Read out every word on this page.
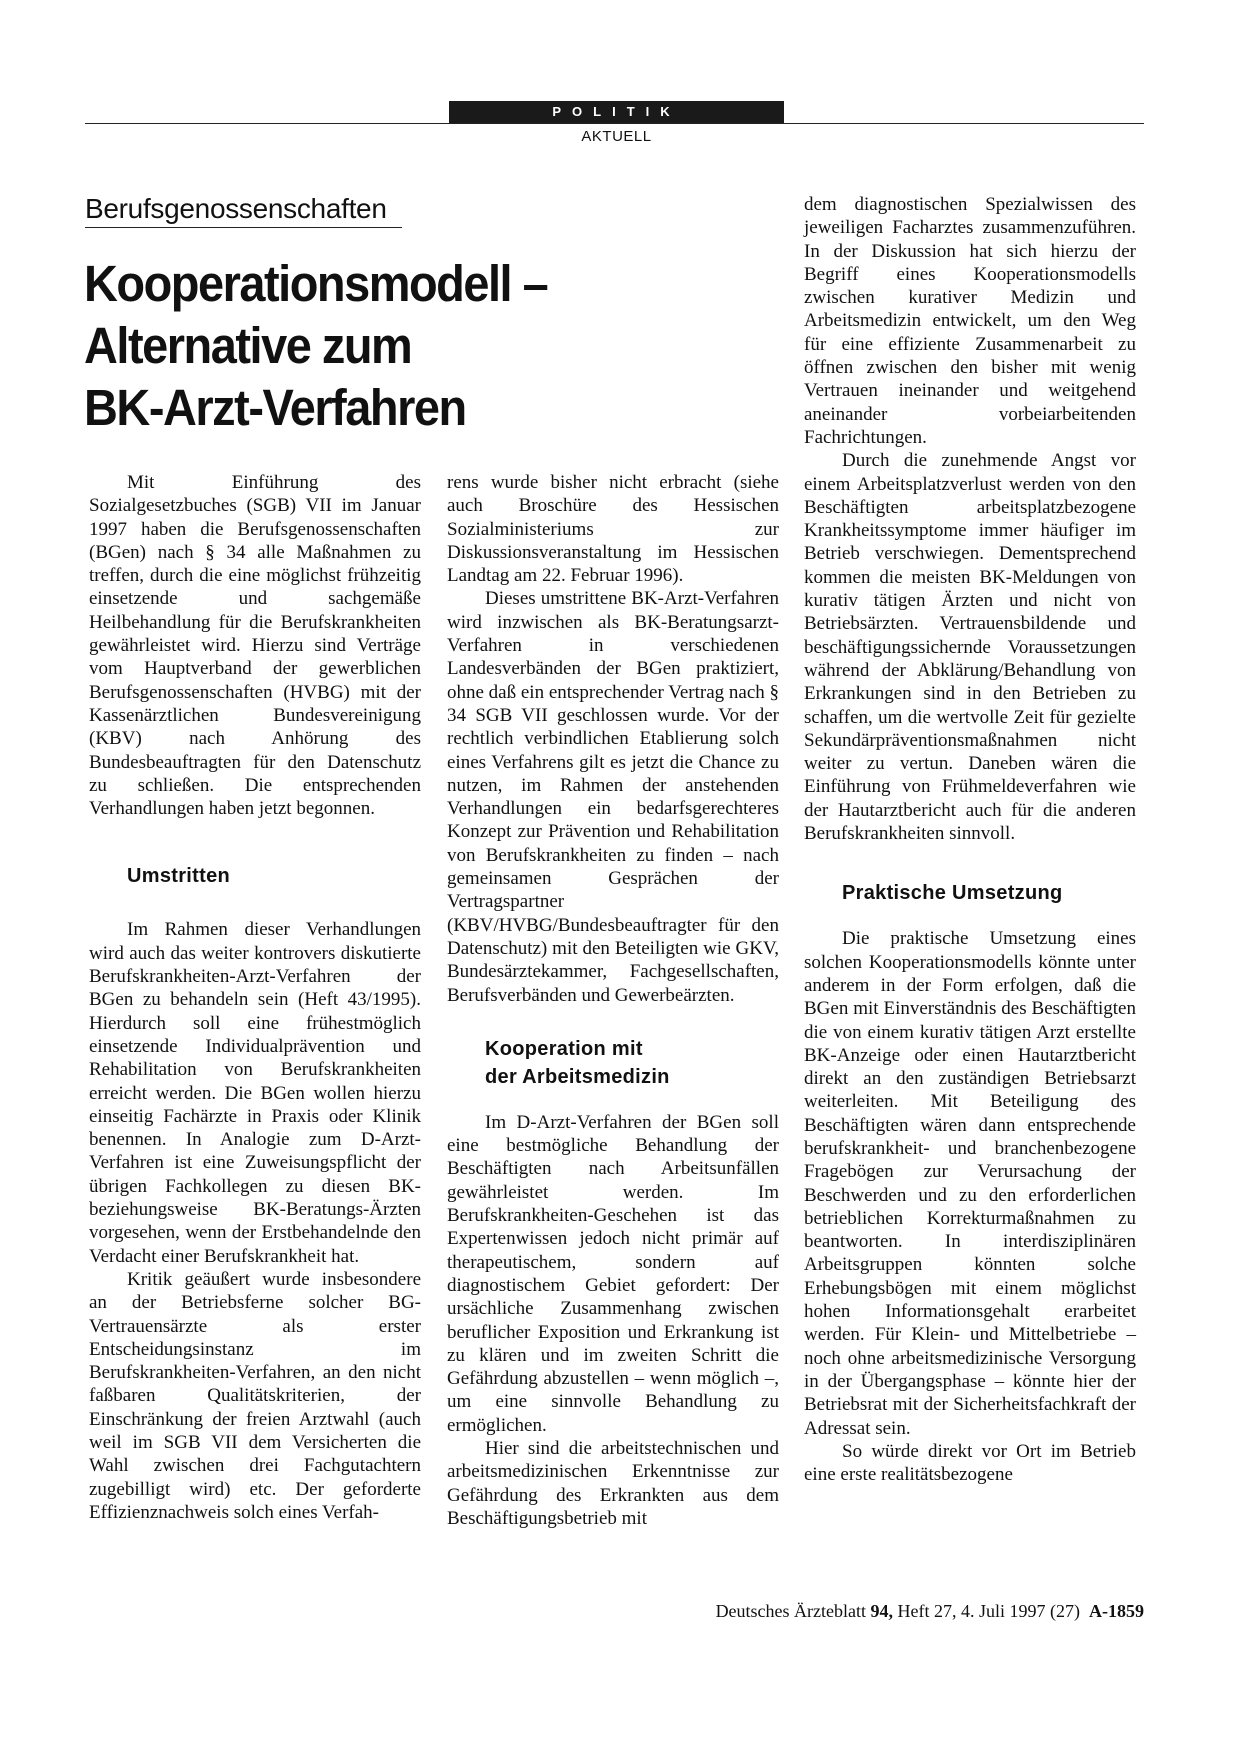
POLITIK
AKTUELL
Berufsgenossenschaften
Kooperationsmodell –
Alternative zum
BK-Arzt-Verfahren

Mit Einführung des Sozialgesetzbuches (SGB) VII im Januar 1997 haben die Berufsgenossenschaften (BGen) nach § 34 alle Maßnahmen zu treffen, durch die eine möglichst frühzeitig einsetzende und sachgemäße Heilbehandlung für die Berufskrankheiten gewährleistet wird. Hierzu sind Verträge vom Hauptverband der gewerblichen Berufsgenossenschaften (HVBG) mit der Kassenärztlichen Bundesvereinigung (KBV) nach Anhörung des Bundesbeauftragten für den Datenschutz zu schließen. Die entsprechenden Verhandlungen haben jetzt begonnen.

Umstritten

Im Rahmen dieser Verhandlungen wird auch das weiter kontrovers diskutierte Berufskrankheiten-Arzt-Verfahren der BGen zu behandeln sein (Heft 43/1995). Hierdurch soll eine frühestmöglich einsetzende Individualprävention und Rehabilitation von Berufskrankheiten erreicht werden. Die BGen wollen hierzu einseitig Fachärzte in Praxis oder Klinik benennen. In Analogie zum D-Arzt-Verfahren ist eine Zuweisungspflicht der übrigen Fachkollegen zu diesen BK- beziehungsweise BK-Beratungs-Ärzten vorgesehen, wenn der Erstbehandelnde den Verdacht einer Berufskrankheit hat.

Kritik geäußert wurde insbesondere an der Betriebsferne solcher BG-Vertrauensärzte als erster Entscheidungsinstanz im Berufskrankheiten-Verfahren, an den nicht faßbaren Qualitätskriterien, der Einschränkung der freien Arztwahl (auch weil im SGB VII dem Versicherten die Wahl zwischen drei Fachgutachtern zugebilligt wird) etc. Der geforderte Effizienznachweis solch eines Verfah-

rens wurde bisher nicht erbracht (siehe auch Broschüre des Hessischen Sozialministeriums zur Diskussionsveranstaltung im Hessischen Landtag am 22. Februar 1996).

Dieses umstrittene BK-Arzt-Verfahren wird inzwischen als BK-Beratungsarzt-Verfahren in verschiedenen Landesverbänden der BGen praktiziert, ohne daß ein entsprechender Vertrag nach § 34 SGB VII geschlossen wurde. Vor der rechtlich verbindlichen Etablierung solch eines Verfahrens gilt es jetzt die Chance zu nutzen, im Rahmen der anstehenden Verhandlungen ein bedarfsgerechteres Konzept zur Prävention und Rehabilitation von Berufskrankheiten zu finden – nach gemeinsamen Gesprächen der Vertragspartner (KBV/HVBG/Bundesbeauftragter für den Datenschutz) mit den Beteiligten wie GKV, Bundesärztekammer, Fachgesellschaften, Berufsverbänden und Gewerbeärzten.

Kooperation mit
der Arbeitsmedizin

Im D-Arzt-Verfahren der BGen soll eine bestmögliche Behandlung der Beschäftigten nach Arbeitsunfällen gewährleistet werden. Im Berufskrankheiten-Geschehen ist das Expertenwissen jedoch nicht primär auf therapeutischem, sondern auf diagnostischem Gebiet gefordert: Der ursächliche Zusammenhang zwischen beruflicher Exposition und Erkrankung ist zu klären und im zweiten Schritt die Gefährdung abzustellen – wenn möglich –, um eine sinnvolle Behandlung zu ermöglichen.

Hier sind die arbeitstechnischen und arbeitsmedizinischen Erkenntnisse zur Gefährdung des Erkrankten aus dem Beschäftigungsbetrieb mit

dem diagnostischen Spezialwissen des jeweiligen Facharztes zusammenzuführen. In der Diskussion hat sich hierzu der Begriff eines Kooperationsmodells zwischen kurativer Medizin und Arbeitsmedizin entwickelt, um den Weg für eine effiziente Zusammenarbeit zu öffnen zwischen den bisher mit wenig Vertrauen ineinander und weitgehend aneinander vorbeiarbeitenden Fachrichtungen.

Durch die zunehmende Angst vor einem Arbeitsplatzverlust werden von den Beschäftigten arbeitsplatzbezogene Krankheitssymptome immer häufiger im Betrieb verschwiegen. Dementsprechend kommen die meisten BK-Meldungen von kurativ tätigen Ärzten und nicht von Betriebsärzten. Vertrauensbildende und beschäftigungssichernde Voraussetzungen während der Abklärung/Behandlung von Erkrankungen sind in den Betrieben zu schaffen, um die wertvolle Zeit für gezielte Sekundärpräventionsmaßnahmen nicht weiter zu vertun. Daneben wären die Einführung von Frühmeldeverfahren wie der Hautarztbericht auch für die anderen Berufskrankheiten sinnvoll.

Praktische Umsetzung

Die praktische Umsetzung eines solchen Kooperationsmodells könnte unter anderem in der Form erfolgen, daß die BGen mit Einverständnis des Beschäftigten die von einem kurativ tätigen Arzt erstellte BK-Anzeige oder einen Hautarztbericht direkt an den zuständigen Betriebsarzt weiterleiten. Mit Beteiligung des Beschäftigten wären dann entsprechende berufskrankheit- und branchenbezogene Fragebögen zur Verursachung der Beschwerden und zu den erforderlichen betrieblichen Korrekturmaßnahmen zu beantworten. In interdisziplinären Arbeitsgruppen könnten solche Erhebungsbögen mit einem möglichst hohen Informationsgehalt erarbeitet werden. Für Klein- und Mittelbetriebe – noch ohne arbeitsmedizinische Versorgung in der Übergangsphase – könnte hier der Betriebsrat mit der Sicherheitsfachkraft der Adressat sein.

So würde direkt vor Ort im Betrieb eine erste realitätsbezogene

Deutsches Ärzteblatt 94, Heft 27, 4. Juli 1997 (27) A-1859
